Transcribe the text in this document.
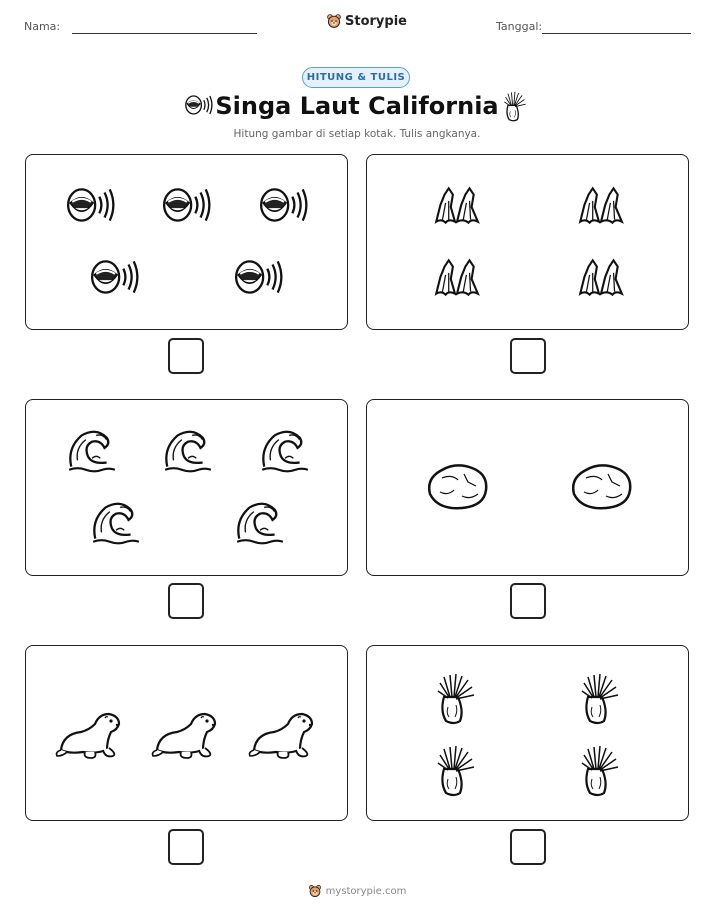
Nama:	Storypie	Tanggal:
HITUNG & TULIS
Singa Laut California
Hitung gambar di setiap kotak. Tulis angkanya.
mystorypie.com
